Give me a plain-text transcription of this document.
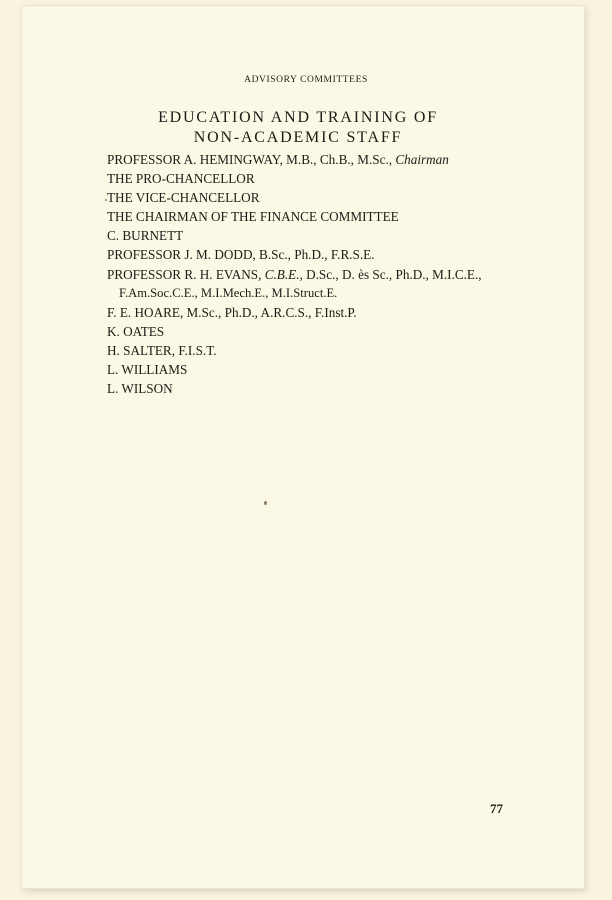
ADVISORY COMMITTEES
EDUCATION AND TRAINING OF
NON-ACADEMIC STAFF
PROFESSOR A. HEMINGWAY, M.B., Ch.B., M.Sc., Chairman
THE PRO-CHANCELLOR
THE VICE-CHANCELLOR
THE CHAIRMAN OF THE FINANCE COMMITTEE
C. BURNETT
PROFESSOR J. M. DODD, B.Sc., Ph.D., F.R.S.E.
PROFESSOR R. H. EVANS, C.B.E., D.Sc., D. ès Sc., Ph.D., M.I.C.E.,
F.Am.Soc.C.E., M.I.Mech.E., M.I.Struct.E.
F. E. HOARE, M.Sc., Ph.D., A.R.C.S., F.Inst.P.
K. OATES
H. SALTER, F.I.S.T.
L. WILLIAMS
L. WILSON
77
